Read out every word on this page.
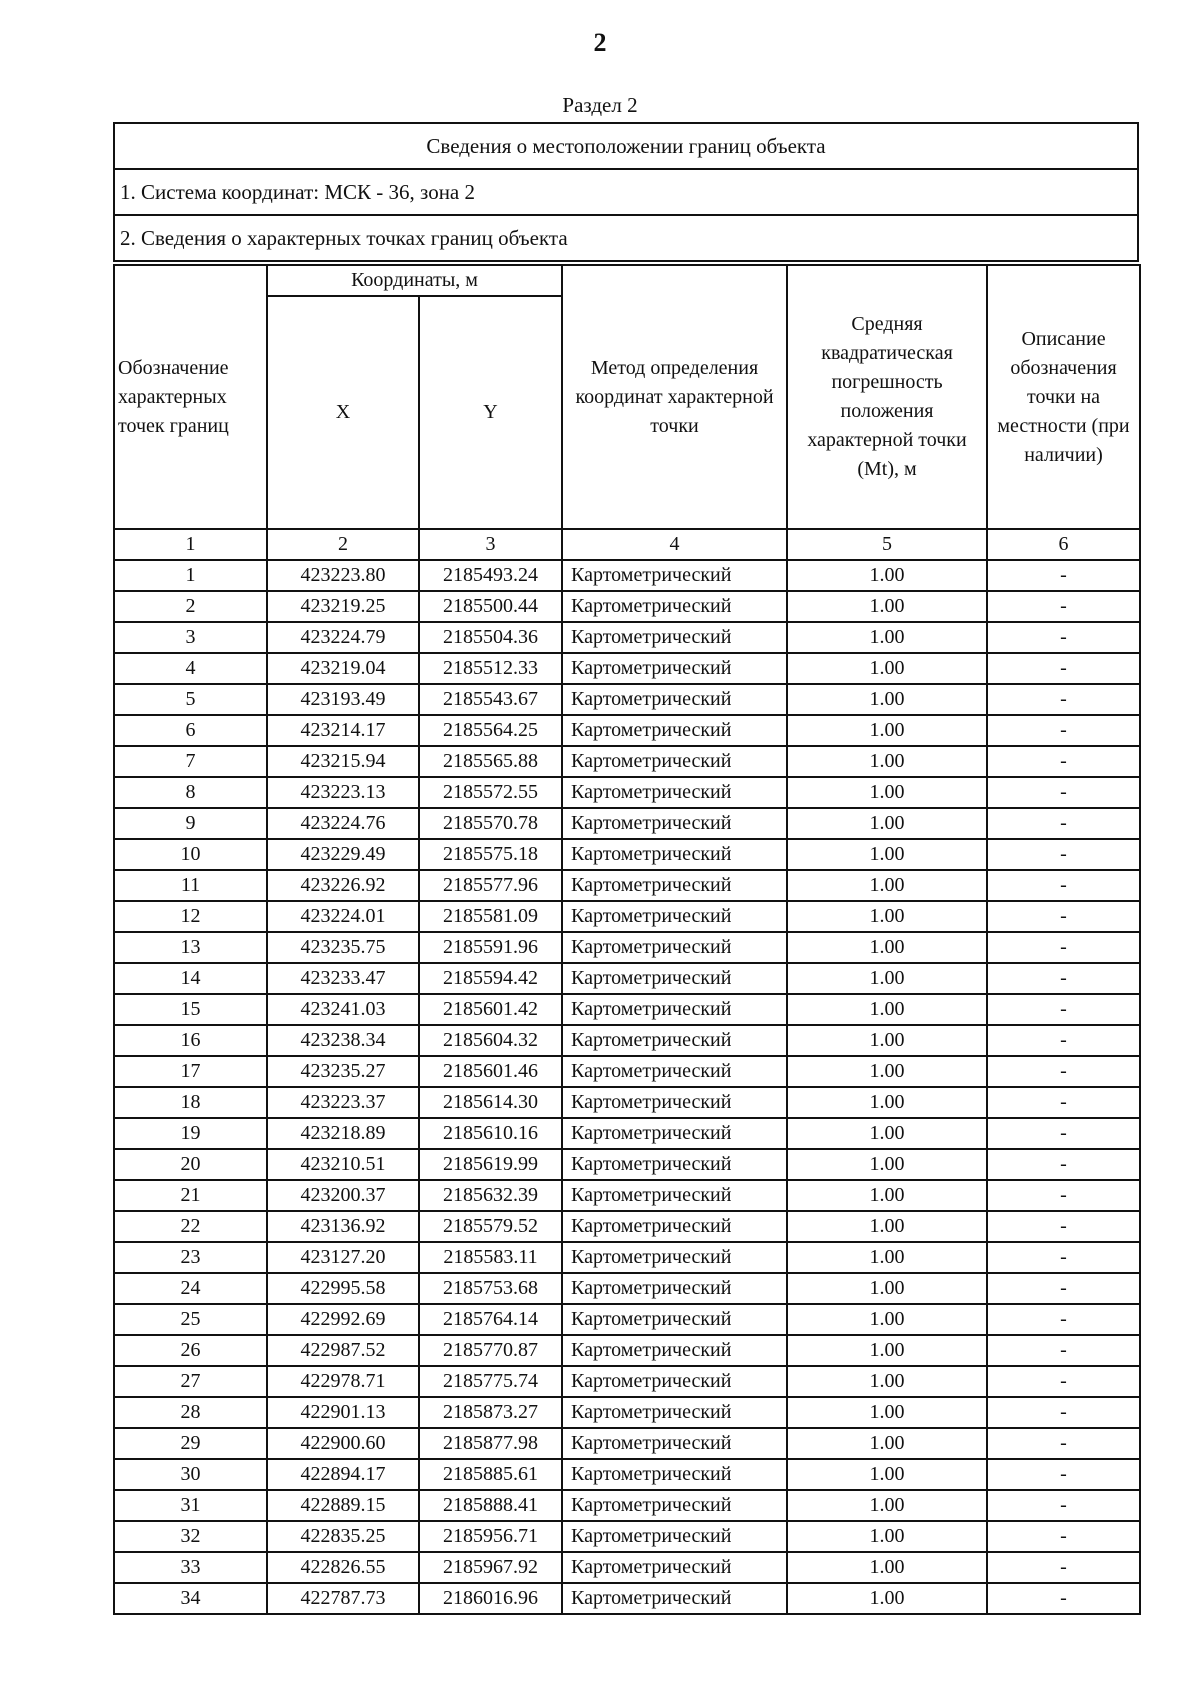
2
Раздел 2
Сведения о местоположении границ объекта
1. Система координат: МСК - 36, зона 2
2. Сведения о характерных точках границ объекта
Обозначение характерных точек границ	Координаты, м		Метод определения координат характерной точки	Средняя квадратическая погрешность положения характерной точки (Mt), м	Описание обозначения точки на местности (при наличии)
	X	Y			
1	2	3	4	5	6
1	423223.80	2185493.24	Картометрический	1.00	-
2	423219.25	2185500.44	Картометрический	1.00	-
3	423224.79	2185504.36	Картометрический	1.00	-
4	423219.04	2185512.33	Картометрический	1.00	-
5	423193.49	2185543.67	Картометрический	1.00	-
6	423214.17	2185564.25	Картометрический	1.00	-
7	423215.94	2185565.88	Картометрический	1.00	-
8	423223.13	2185572.55	Картометрический	1.00	-
9	423224.76	2185570.78	Картометрический	1.00	-
10	423229.49	2185575.18	Картометрический	1.00	-
11	423226.92	2185577.96	Картометрический	1.00	-
12	423224.01	2185581.09	Картометрический	1.00	-
13	423235.75	2185591.96	Картометрический	1.00	-
14	423233.47	2185594.42	Картометрический	1.00	-
15	423241.03	2185601.42	Картометрический	1.00	-
16	423238.34	2185604.32	Картометрический	1.00	-
17	423235.27	2185601.46	Картометрический	1.00	-
18	423223.37	2185614.30	Картометрический	1.00	-
19	423218.89	2185610.16	Картометрический	1.00	-
20	423210.51	2185619.99	Картометрический	1.00	-
21	423200.37	2185632.39	Картометрический	1.00	-
22	423136.92	2185579.52	Картометрический	1.00	-
23	423127.20	2185583.11	Картометрический	1.00	-
24	422995.58	2185753.68	Картометрический	1.00	-
25	422992.69	2185764.14	Картометрический	1.00	-
26	422987.52	2185770.87	Картометрический	1.00	-
27	422978.71	2185775.74	Картометрический	1.00	-
28	422901.13	2185873.27	Картометрический	1.00	-
29	422900.60	2185877.98	Картометрический	1.00	-
30	422894.17	2185885.61	Картометрический	1.00	-
31	422889.15	2185888.41	Картометрический	1.00	-
32	422835.25	2185956.71	Картометрический	1.00	-
33	422826.55	2185967.92	Картометрический	1.00	-
34	422787.73	2186016.96	Картометрический	1.00	-
